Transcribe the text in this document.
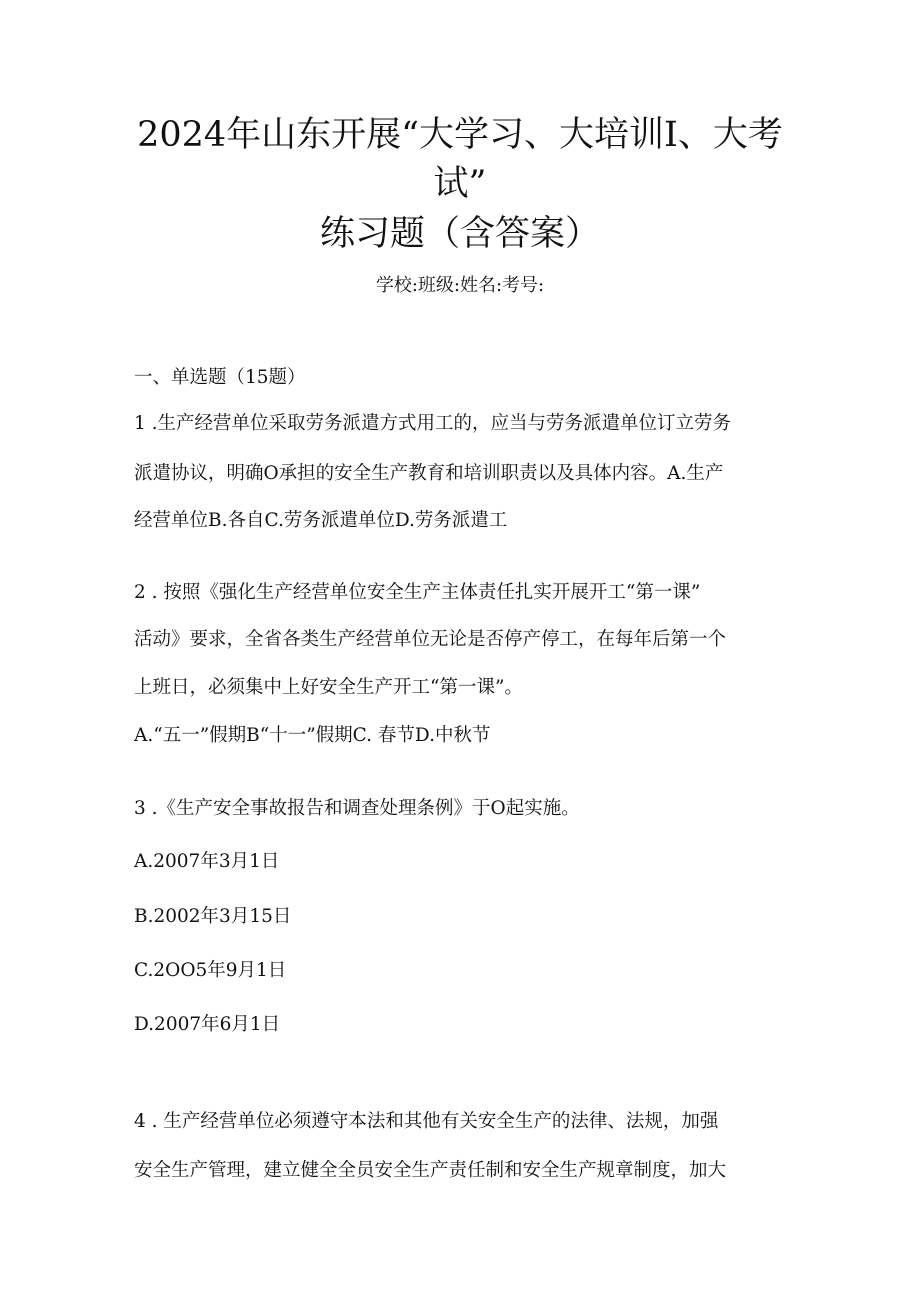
2024年山东开展“大学习、大培训I、大考
试”
练习题（含答案）
学校:班级:姓名:考号:
一、单选题（15题）
1 .生产经营单位采取劳务派遣方式用工的，应当与劳务派遣单位订立劳务
派遣协议，明确O承担的安全生产教育和培训职责以及具体内容。A.生产
经营单位B.各自C.劳务派遣单位D.劳务派遣工
2 . 按照《强化生产经营单位安全生产主体责任扎实开展开工“第一课”
活动》要求，全省各类生产经营单位无论是否停产停工，在每年后第一个
上班日，必须集中上好安全生产开工“第一课”。
A.“五一”假期B“十一”假期C. 春节D.中秋节
3 .《生产安全事故报告和调查处理条例》于O起实施。
A.2007年3月1日
B.2002年3月15日
C.2OO5年9月1日
D.2007年6月1日
4 . 生产经营单位必须遵守本法和其他有关安全生产的法律、法规，加强
安全生产管理，建立健全全员安全生产责任制和安全生产规章制度，加大
